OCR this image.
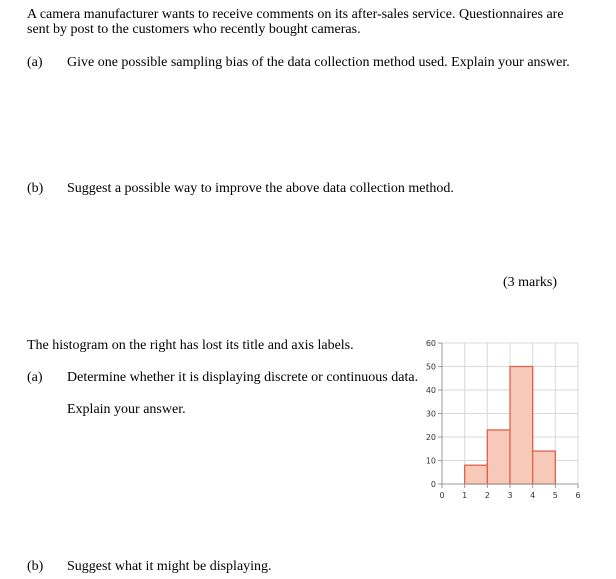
A camera manufacturer wants to receive comments on its after-sales service. Questionnaires are
sent by post to the customers who recently bought cameras.
(a) Give one possible sampling bias of the data collection method used. Explain your answer.
(b) Suggest a possible way to improve the above data collection method.
(3 marks)
The histogram on the right has lost its title and axis labels.
(a) Determine whether it is displaying discrete or continuous data.
Explain your answer.
(b) Suggest what it might be displaying.
0
10
20
30
40
50
60
0 1 2 3 4 5 6
